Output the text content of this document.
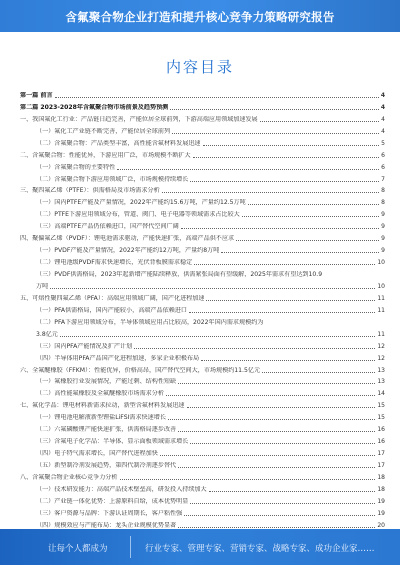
含氟聚合物企业打造和提升核心竞争力策略研究报告
内容目录
第一篇 前言	4
第二篇 2023-2028年含氟聚合物市场前景及趋势预测	4
一、我国氟化工行业：产品链日趋完善，产能位居全球前列，下游高端应用领域加速发展	4
（一）氟化工产业链不断完善，产能位居全球前列	4
（二）含氟聚合物：产品类型丰富，高性能含氟材料发展迅速	5
二、含氟聚合物：性能优异，下游应用广泛，市场规模不断扩大	6
（一）含氟聚合物的主要特性	6
（二）含氟聚合物下游应用领域广泛，市场规模持续增长	7
三、聚四氟乙烯（PTFE）：供需格局及市场需求分析	8
（一）国内PTFE产能及产量情况，2022年产能约15.6万吨，产量约12.5万吨	8
（二）PTFE下游应用领域分布，管道、阀门、电子电器等领域需求占比较大	9
（三）高端PTFE产品仍依赖进口，国产替代空间广阔	9
四、聚偏氟乙烯（PVDF）：锂电池需求驱动，产能快速扩张，高端产品供不应求	9
（一）PVDF产能及产量情况，2022年产能约12万吨，产量约8万吨	9
（二）锂电池级PVDF需求快速增长，光伏背板膜需求稳定	10
（三）PVDF供需格局，2023年起新增产能陆续释放，供需紧张局面有望缓解，2025年需求有望达到10.9
万吨	10
五、可熔性聚四氟乙烯（PFA）：高端应用领域广阔，国产化进程加速	11
（一）PFA供需格局，国内产能较小，高端产品依赖进口	11
（二）PFA下游应用领域分布，半导体领域应用占比较高，2022年国内需求规模约为
3.8亿元	11
（三）国内PFA产能情况及扩产计划	12
（四）半导体用PFA产品国产化进程加速，多家企业积极布局	12
六、全氟醚橡胶（FFKM）：性能优异，价格高昂，国产替代空间大，市场规模约11.5亿元	13
（一）氟橡胶行业发展情况，产能过剩、结构性短缺	13
（二）高性能氟橡胶及全氟醚橡胶市场需求分析	14
七、氟化学品：锂电材料新需求拉动，新型含氟材料发展迅速	15
（一）锂电池电解液新型锂盐LiFSI需求快速增长	15
（二）六氟磷酸锂产能快速扩张，供需格局逐步改善	16
（三）含氟电子化学品：半导体、显示面板领域需求增长	16
（四）电子特气需求增长，国产替代进程加快	17
（五）新型制冷剂发展趋势，第四代制冷剂逐步替代	17
八、含氟聚合物企业核心竞争力分析	18
（一）技术研发能力：高端产品技术壁垒高，研发投入持续加大	18
（二）产业链一体化优势：上游原料自给，成本优势明显	19
（三）客户资源与品牌：下游认证周期长，客户粘性强	19
（四）规模效应与产能布局：龙头企业规模优势显著	20
让每个人都成为	行业专家、管理专家、营销专家、战略专家、成功企业家……
